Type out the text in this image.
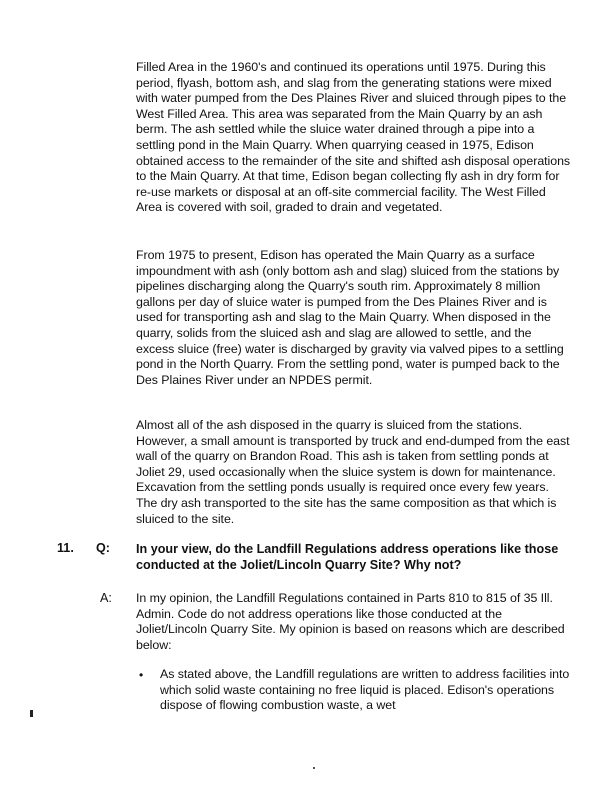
Filled Area in the 1960's and continued its operations until 1975. During this period, flyash, bottom ash, and slag from the generating stations were mixed with water pumped from the Des Plaines River and sluiced through pipes to the West Filled Area. This area was separated from the Main Quarry by an ash berm. The ash settled while the sluice water drained through a pipe into a settling pond in the Main Quarry. When quarrying ceased in 1975, Edison obtained access to the remainder of the site and shifted ash disposal operations to the Main Quarry. At that time, Edison began collecting fly ash in dry form for re-use markets or disposal at an off-site commercial facility. The West Filled Area is covered with soil, graded to drain and vegetated.

From 1975 to present, Edison has operated the Main Quarry as a surface impoundment with ash (only bottom ash and slag) sluiced from the stations by pipelines discharging along the Quarry's south rim. Approximately 8 million gallons per day of sluice water is pumped from the Des Plaines River and is used for transporting ash and slag to the Main Quarry. When disposed in the quarry, solids from the sluiced ash and slag are allowed to settle, and the excess sluice (free) water is discharged by gravity via valved pipes to a settling pond in the North Quarry. From the settling pond, water is pumped back to the Des Plaines River under an NPDES permit.

Almost all of the ash disposed in the quarry is sluiced from the stations. However, a small amount is transported by truck and end-dumped from the east wall of the quarry on Brandon Road. This ash is taken from settling ponds at Joliet 29, used occasionally when the sluice system is down for maintenance. Excavation from the settling ponds usually is required once every few years. The dry ash transported to the site has the same composition as that which is sluiced to the site.

11. Q: In your view, do the Landfill Regulations address operations like those conducted at the Joliet/Lincoln Quarry Site? Why not?

A: In my opinion, the Landfill Regulations contained in Parts 810 to 815 of 35 Ill. Admin. Code do not address operations like those conducted at the Joliet/Lincoln Quarry Site. My opinion is based on reasons which are described below:

• As stated above, the Landfill regulations are written to address facilities into which solid waste containing no free liquid is placed. Edison's operations dispose of flowing combustion waste, a wet
